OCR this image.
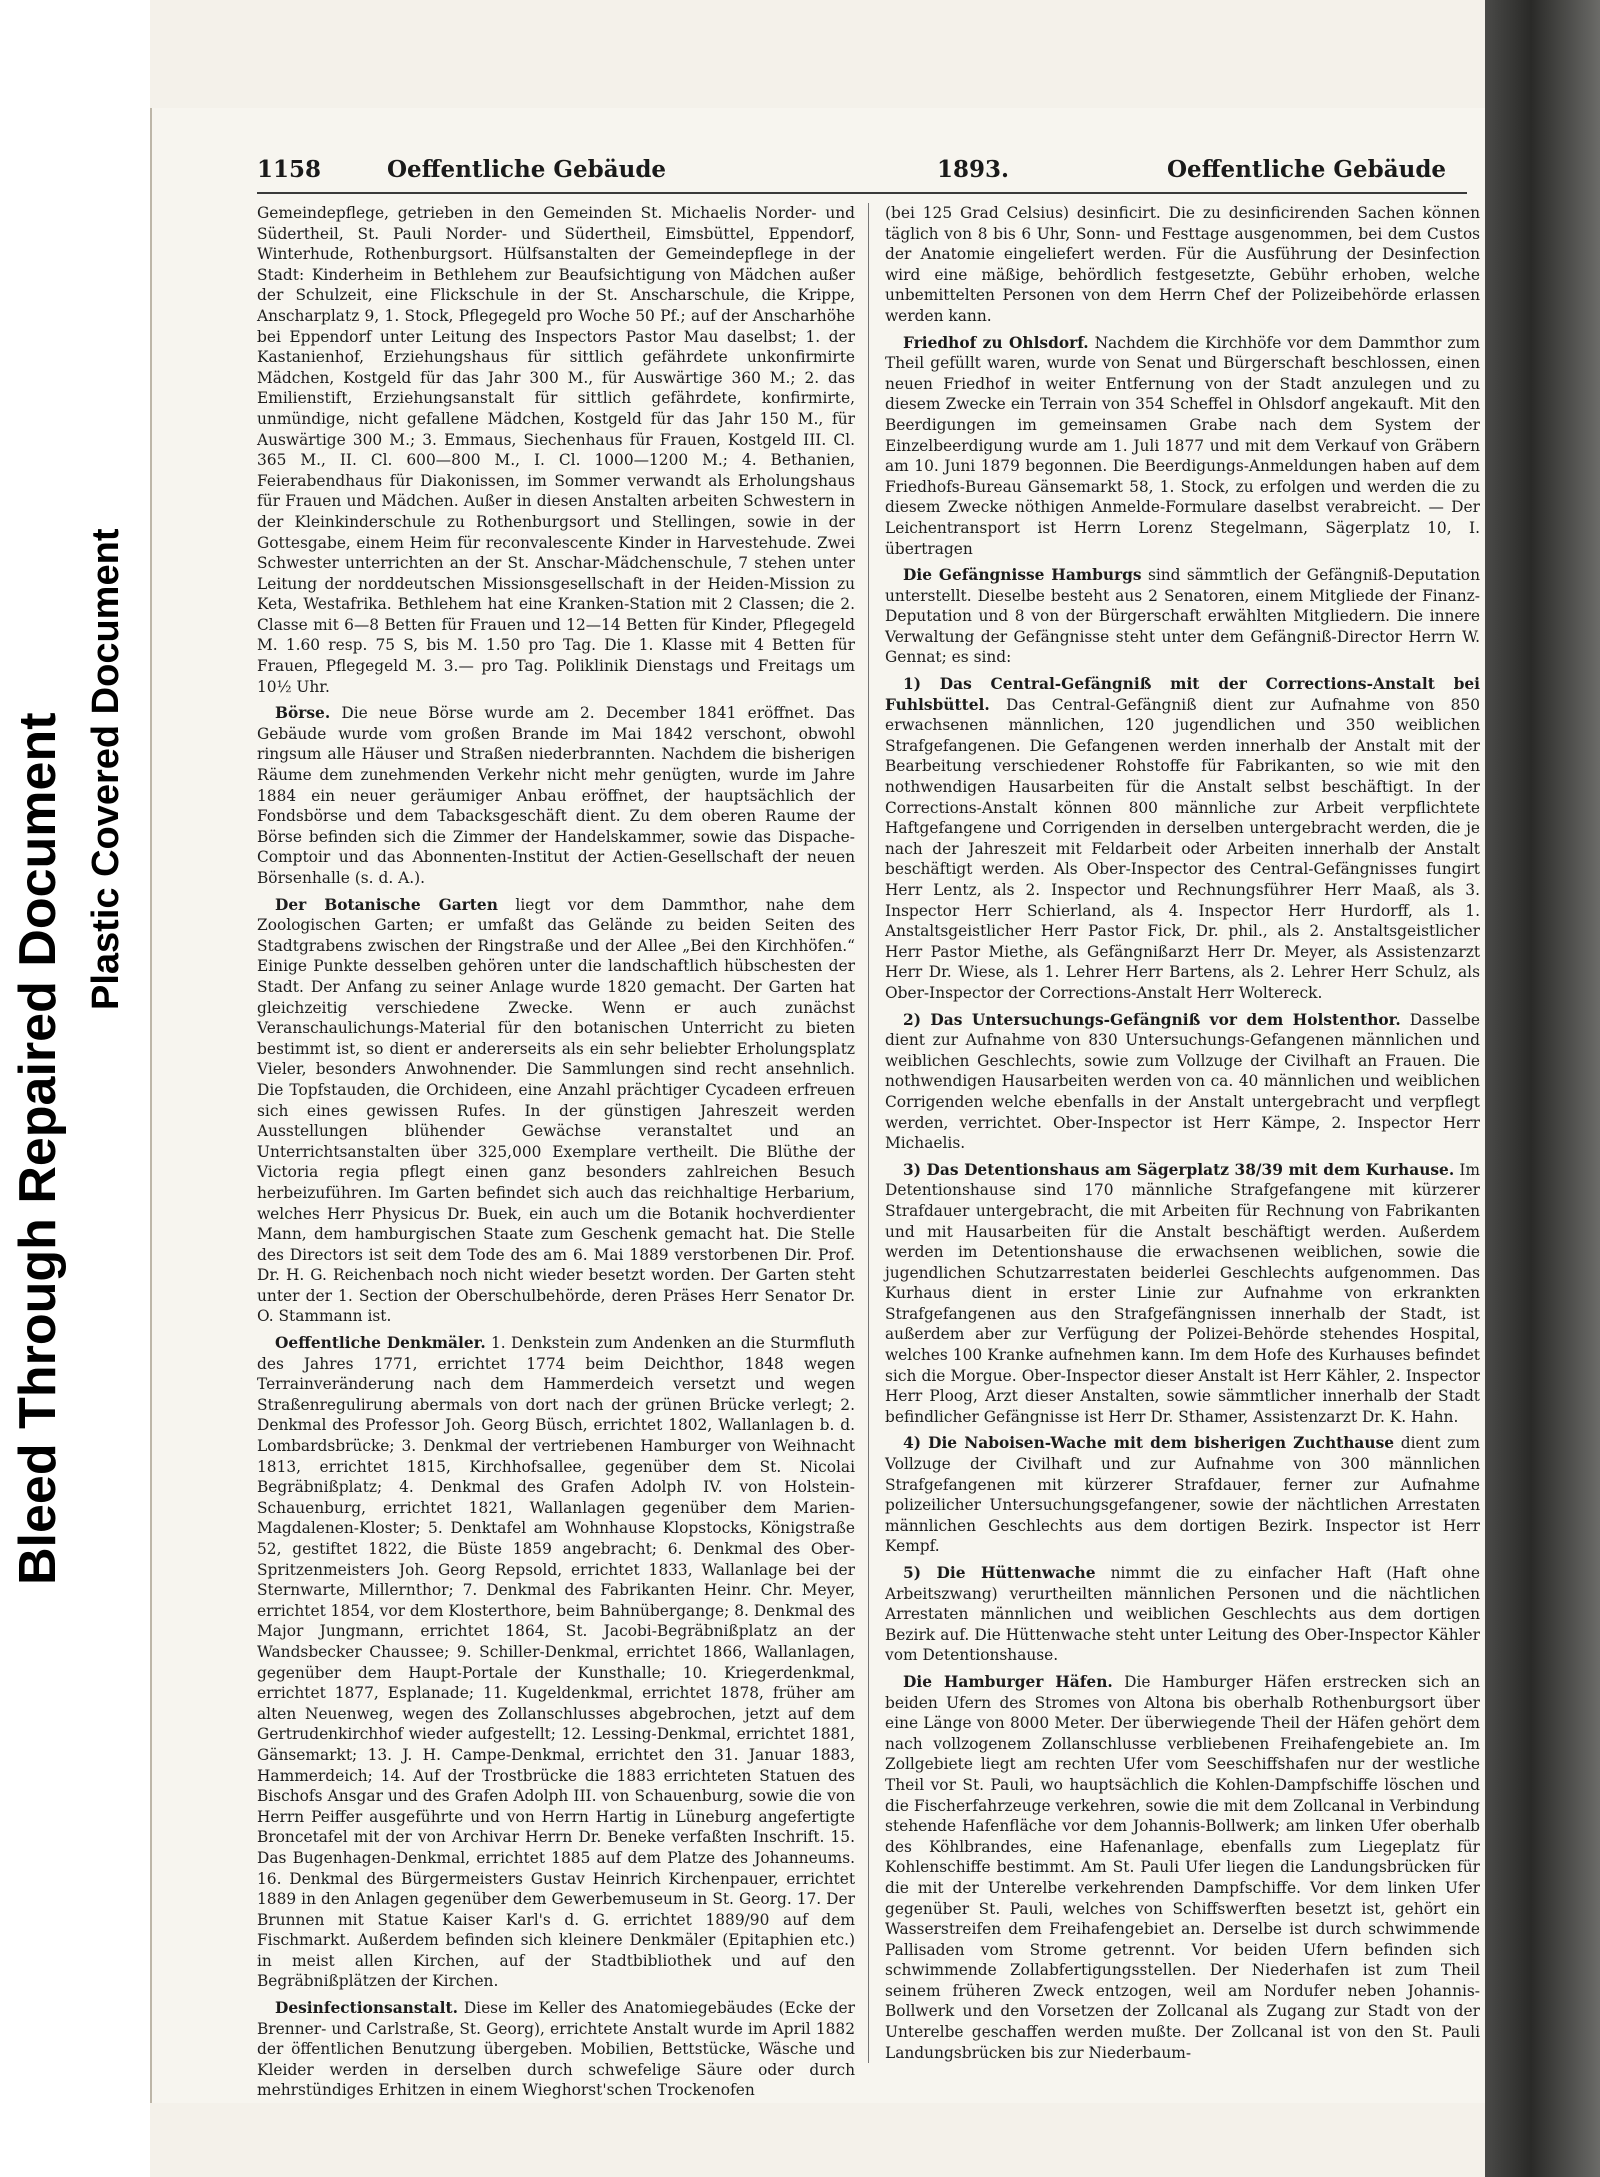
Bleed Through Repaired Document Plastic Covered Document
1158	Oeffentliche Gebäude	1893.	Oeffentliche Gebäude

Gemeindepflege, getrieben in den Gemeinden St. Michaelis Norder- und Südertheil, St. Pauli Norder- und Südertheil, Eimsbüttel, Eppendorf, Winterhude, Rothenburgsort. Hülfsanstalten der Gemeindepflege in der Stadt: Kinderheim in Bethlehem zur Beaufsichtigung von Mädchen außer der Schulzeit, eine Flickschule in der St. Anscharschule, die Krippe, Anscharplatz 9, 1. Stock, Pflegegeld pro Woche 50 Pf.; auf der Anscharhöhe bei Eppendorf unter Leitung des Inspectors Pastor Mau daselbst; 1. der Kastanienhof, Erziehungshaus für sittlich gefährdete unkonfirmirte Mädchen, Kostgeld für das Jahr 300 M., für Auswärtige 360 M.; 2. das Emilienstift, Erziehungsanstalt für sittlich gefährdete, konfirmirte, unmündige, nicht gefallene Mädchen, Kostgeld für das Jahr 150 M., für Auswärtige 300 M.; 3. Emmaus, Siechenhaus für Frauen, Kostgeld III. Cl. 365 M., II. Cl. 600—800 M., I. Cl. 1000—1200 M.; 4. Bethanien, Feierabendhaus für Diakonissen, im Sommer verwandt als Erholungshaus für Frauen und Mädchen. Außer in diesen Anstalten arbeiten Schwestern in der Kleinkinderschule zu Rothenburgsort und Stellingen, sowie in der Gottesgabe, einem Heim für reconvalescente Kinder in Harvestehude. Zwei Schwester unterrichten an der St. Anschar-Mädchenschule, 7 stehen unter Leitung der norddeutschen Missionsgesellschaft in der Heiden-Mission zu Keta, Westafrika. Bethlehem hat eine Kranken-Station mit 2 Classen; die 2. Classe mit 6—8 Betten für Frauen und 12—14 Betten für Kinder, Pflegegeld M. 1.60 resp. 75 S, bis M. 1.50 pro Tag. Die 1. Klasse mit 4 Betten für Frauen, Pflegegeld M. 3.— pro Tag. Poliklinik Dienstags und Freitags um 10½ Uhr.

Börse. Die neue Börse wurde am 2. December 1841 eröffnet. Das Gebäude wurde vom großen Brande im Mai 1842 verschont, obwohl ringsum alle Häuser und Straßen niederbrannten. Nachdem die bisherigen Räume dem zunehmenden Verkehr nicht mehr genügten, wurde im Jahre 1884 ein neuer geräumiger Anbau eröffnet, der hauptsächlich der Fondsbörse und dem Tabacksgeschäft dient. Zu dem oberen Raume der Börse befinden sich die Zimmer der Handelskammer, sowie das Dispache-Comptoir und das Abonnenten-Institut der Actien-Gesellschaft der neuen Börsenhalle (s. d. A.).

Der Botanische Garten liegt vor dem Dammthor, nahe dem Zoologischen Garten; er umfaßt das Gelände zu beiden Seiten des Stadtgrabens zwischen der Ringstraße und der Allee „Bei den Kirchhöfen.“ Einige Punkte desselben gehören unter die landschaftlich hübschesten der Stadt. Der Anfang zu seiner Anlage wurde 1820 gemacht. Der Garten hat gleichzeitig verschiedene Zwecke. Wenn er auch zunächst Veranschaulichungs-Material für den botanischen Unterricht zu bieten bestimmt ist, so dient er andererseits als ein sehr beliebter Erholungsplatz Vieler, besonders Anwohnender. Die Sammlungen sind recht ansehnlich. Die Topfstauden, die Orchideen, eine Anzahl prächtiger Cycadeen erfreuen sich eines gewissen Rufes. In der günstigen Jahreszeit werden Ausstellungen blühender Gewächse veranstaltet und an Unterrichtsanstalten über 325,000 Exemplare vertheilt. Die Blüthe der Victoria regia pflegt einen ganz besonders zahlreichen Besuch herbeizuführen. Im Garten befindet sich auch das reichhaltige Herbarium, welches Herr Physicus Dr. Buek, ein auch um die Botanik hochverdienter Mann, dem hamburgischen Staate zum Geschenk gemacht hat. Die Stelle des Directors ist seit dem Tode des am 6. Mai 1889 verstorbenen Dir. Prof. Dr. H. G. Reichenbach noch nicht wieder besetzt worden. Der Garten steht unter der 1. Section der Oberschulbehörde, deren Präses Herr Senator Dr. O. Stammann ist.

Oeffentliche Denkmäler. 1. Denkstein zum Andenken an die Sturmfluth des Jahres 1771, errichtet 1774 beim Deichthor, 1848 wegen Terrainveränderung nach dem Hammerdeich versetzt und wegen Straßenregulirung abermals von dort nach der grünen Brücke verlegt; 2. Denkmal des Professor Joh. Georg Büsch, errichtet 1802, Wallanlagen b. d. Lombardsbrücke; 3. Denkmal der vertriebenen Hamburger von Weihnacht 1813, errichtet 1815, Kirchhofsallee, gegenüber dem St. Nicolai Begräbnißplatz; 4. Denkmal des Grafen Adolph IV. von Holstein-Schauenburg, errichtet 1821, Wallanlagen gegenüber dem Marien-Magdalenen-Kloster; 5. Denktafel am Wohnhause Klopstocks, Königstraße 52, gestiftet 1822, die Büste 1859 angebracht; 6. Denkmal des Ober-Spritzenmeisters Joh. Georg Repsold, errichtet 1833, Wallanlage bei der Sternwarte, Millernthor; 7. Denkmal des Fabrikanten Heinr. Chr. Meyer, errichtet 1854, vor dem Klosterthore, beim Bahnübergange; 8. Denkmal des Major Jungmann, errichtet 1864, St. Jacobi-Begräbnißplatz an der Wandsbecker Chaussee; 9. Schiller-Denkmal, errichtet 1866, Wallanlagen, gegenüber dem Haupt-Portale der Kunsthalle; 10. Kriegerdenkmal, errichtet 1877, Esplanade; 11. Kugeldenkmal, errichtet 1878, früher am alten Neuenweg, wegen des Zollanschlusses abgebrochen, jetzt auf dem Gertrudenkirchhof wieder aufgestellt; 12. Lessing-Denkmal, errichtet 1881, Gänsemarkt; 13. J. H. Campe-Denkmal, errichtet den 31. Januar 1883, Hammerdeich; 14. Auf der Trostbrücke die 1883 errichteten Statuen des Bischofs Ansgar und des Grafen Adolph III. von Schauenburg, sowie die von Herrn Peiffer ausgeführte und von Herrn Hartig in Lüneburg angefertigte Broncetafel mit der von Archivar Herrn Dr. Beneke verfaßten Inschrift. 15. Das Bugenhagen-Denkmal, errichtet 1885 auf dem Platze des Johanneums. 16. Denkmal des Bürgermeisters Gustav Heinrich Kirchenpauer, errichtet 1889 in den Anlagen gegenüber dem Gewerbemuseum in St. Georg. 17. Der Brunnen mit Statue Kaiser Karl's d. G. errichtet 1889/90 auf dem Fischmarkt. Außerdem befinden sich kleinere Denkmäler (Epitaphien etc.) in meist allen Kirchen, auf der Stadtbibliothek und auf den Begräbnißplätzen der Kirchen.

Desinfectionsanstalt. Diese im Keller des Anatomiegebäudes (Ecke der Brenner- und Carlstraße, St. Georg), errichtete Anstalt wurde im April 1882 der öffentlichen Benutzung übergeben. Mobilien, Bettstücke, Wäsche und Kleider werden in derselben durch schwefelige Säure oder durch mehrstündiges Erhitzen in einem Wieghorst'schen Trockenofen

(bei 125 Grad Celsius) desinficirt. Die zu desinficirenden Sachen können täglich von 8 bis 6 Uhr, Sonn- und Festtage ausgenommen, bei dem Custos der Anatomie eingeliefert werden. Für die Ausführung der Desinfection wird eine mäßige, behördlich festgesetzte, Gebühr erhoben, welche unbemittelten Personen von dem Herrn Chef der Polizeibehörde erlassen werden kann.

Friedhof zu Ohlsdorf. Nachdem die Kirchhöfe vor dem Dammthor zum Theil gefüllt waren, wurde von Senat und Bürgerschaft beschlossen, einen neuen Friedhof in weiter Entfernung von der Stadt anzulegen und zu diesem Zwecke ein Terrain von 354 Scheffel in Ohlsdorf angekauft. Mit den Beerdigungen im gemeinsamen Grabe nach dem System der Einzelbeerdigung wurde am 1. Juli 1877 und mit dem Verkauf von Gräbern am 10. Juni 1879 begonnen. Die Beerdigungs-Anmeldungen haben auf dem Friedhofs-Bureau Gänsemarkt 58, 1. Stock, zu erfolgen und werden die zu diesem Zwecke nöthigen Anmelde-Formulare daselbst verabreicht. — Der Leichentransport ist Herrn Lorenz Stegelmann, Sägerplatz 10, I. übertragen

Die Gefängnisse Hamburgs sind sämmtlich der Gefängniß-Deputation unterstellt. Dieselbe besteht aus 2 Senatoren, einem Mitgliede der Finanz-Deputation und 8 von der Bürgerschaft erwählten Mitgliedern. Die innere Verwaltung der Gefängnisse steht unter dem Gefängniß-Director Herrn W. Gennat; es sind:

1) Das Central-Gefängniß mit der Corrections-Anstalt bei Fuhlsbüttel. Das Central-Gefängniß dient zur Aufnahme von 850 erwachsenen männlichen, 120 jugendlichen und 350 weiblichen Strafgefangenen. Die Gefangenen werden innerhalb der Anstalt mit der Bearbeitung verschiedener Rohstoffe für Fabrikanten, so wie mit den nothwendigen Hausarbeiten für die Anstalt selbst beschäftigt. In der Corrections-Anstalt können 800 männliche zur Arbeit verpflichtete Haftgefangene und Corrigenden in derselben untergebracht werden, die je nach der Jahreszeit mit Feldarbeit oder Arbeiten innerhalb der Anstalt beschäftigt werden. Als Ober-Inspector des Central-Gefängnisses fungirt Herr Lentz, als 2. Inspector und Rechnungsführer Herr Maaß, als 3. Inspector Herr Schierland, als 4. Inspector Herr Hurdorff, als 1. Anstaltsgeistlicher Herr Pastor Fick, Dr. phil., als 2. Anstaltsgeistlicher Herr Pastor Miethe, als Gefängnißarzt Herr Dr. Meyer, als Assistenzarzt Herr Dr. Wiese, als 1. Lehrer Herr Bartens, als 2. Lehrer Herr Schulz, als Ober-Inspector der Corrections-Anstalt Herr Woltereck.

2) Das Untersuchungs-Gefängniß vor dem Holstenthor. Dasselbe dient zur Aufnahme von 830 Untersuchungs-Gefangenen männlichen und weiblichen Geschlechts, sowie zum Vollzuge der Civilhaft an Frauen. Die nothwendigen Hausarbeiten werden von ca. 40 männlichen und weiblichen Corrigenden welche ebenfalls in der Anstalt untergebracht und verpflegt werden, verrichtet. Ober-Inspector ist Herr Kämpe, 2. Inspector Herr Michaelis.

3) Das Detentionshaus am Sägerplatz 38/39 mit dem Kurhause. Im Detentionshause sind 170 männliche Strafgefangene mit kürzerer Strafdauer untergebracht, die mit Arbeiten für Rechnung von Fabrikanten und mit Hausarbeiten für die Anstalt beschäftigt werden. Außerdem werden im Detentionshause die erwachsenen weiblichen, sowie die jugendlichen Schutzarrestaten beiderlei Geschlechts aufgenommen. Das Kurhaus dient in erster Linie zur Aufnahme von erkrankten Strafgefangenen aus den Strafgefängnissen innerhalb der Stadt, ist außerdem aber zur Verfügung der Polizei-Behörde stehendes Hospital, welches 100 Kranke aufnehmen kann. Im dem Hofe des Kurhauses befindet sich die Morgue. Ober-Inspector dieser Anstalt ist Herr Kähler, 2. Inspector Herr Ploog, Arzt dieser Anstalten, sowie sämmtlicher innerhalb der Stadt befindlicher Gefängnisse ist Herr Dr. Sthamer, Assistenzarzt Dr. K. Hahn.

4) Die Naboisen-Wache mit dem bisherigen Zuchthause dient zum Vollzuge der Civilhaft und zur Aufnahme von 300 männlichen Strafgefangenen mit kürzerer Strafdauer, ferner zur Aufnahme polizeilicher Untersuchungsgefangener, sowie der nächtlichen Arrestaten männlichen Geschlechts aus dem dortigen Bezirk. Inspector ist Herr Kempf.

5) Die Hüttenwache nimmt die zu einfacher Haft (Haft ohne Arbeitszwang) verurtheilten männlichen Personen und die nächtlichen Arrestaten männlichen und weiblichen Geschlechts aus dem dortigen Bezirk auf. Die Hüttenwache steht unter Leitung des Ober-Inspector Kähler vom Detentionshause.

Die Hamburger Häfen. Die Hamburger Häfen erstrecken sich an beiden Ufern des Stromes von Altona bis oberhalb Rothenburgsort über eine Länge von 8000 Meter. Der überwiegende Theil der Häfen gehört dem nach vollzogenem Zollanschlusse verbliebenen Freihafengebiete an. Im Zollgebiete liegt am rechten Ufer vom Seeschiffshafen nur der westliche Theil vor St. Pauli, wo hauptsächlich die Kohlen-Dampfschiffe löschen und die Fischerfahrzeuge verkehren, sowie die mit dem Zollcanal in Verbindung stehende Hafenfläche vor dem Johannis-Bollwerk; am linken Ufer oberhalb des Köhlbrandes, eine Hafenanlage, ebenfalls zum Liegeplatz für Kohlenschiffe bestimmt. Am St. Pauli Ufer liegen die Landungsbrücken für die mit der Unterelbe verkehrenden Dampfschiffe. Vor dem linken Ufer gegenüber St. Pauli, welches von Schiffswerften besetzt ist, gehört ein Wasserstreifen dem Freihafengebiet an. Derselbe ist durch schwimmende Pallisaden vom Strome getrennt. Vor beiden Ufern befinden sich schwimmende Zollabfertigungsstellen. Der Niederhafen ist zum Theil seinem früheren Zweck entzogen, weil am Nordufer neben Johannis-Bollwerk und den Vorsetzen der Zollcanal als Zugang zur Stadt von der Unterelbe geschaffen werden mußte. Der Zollcanal ist von den St. Pauli Landungsbrücken bis zur Niederbaum-
